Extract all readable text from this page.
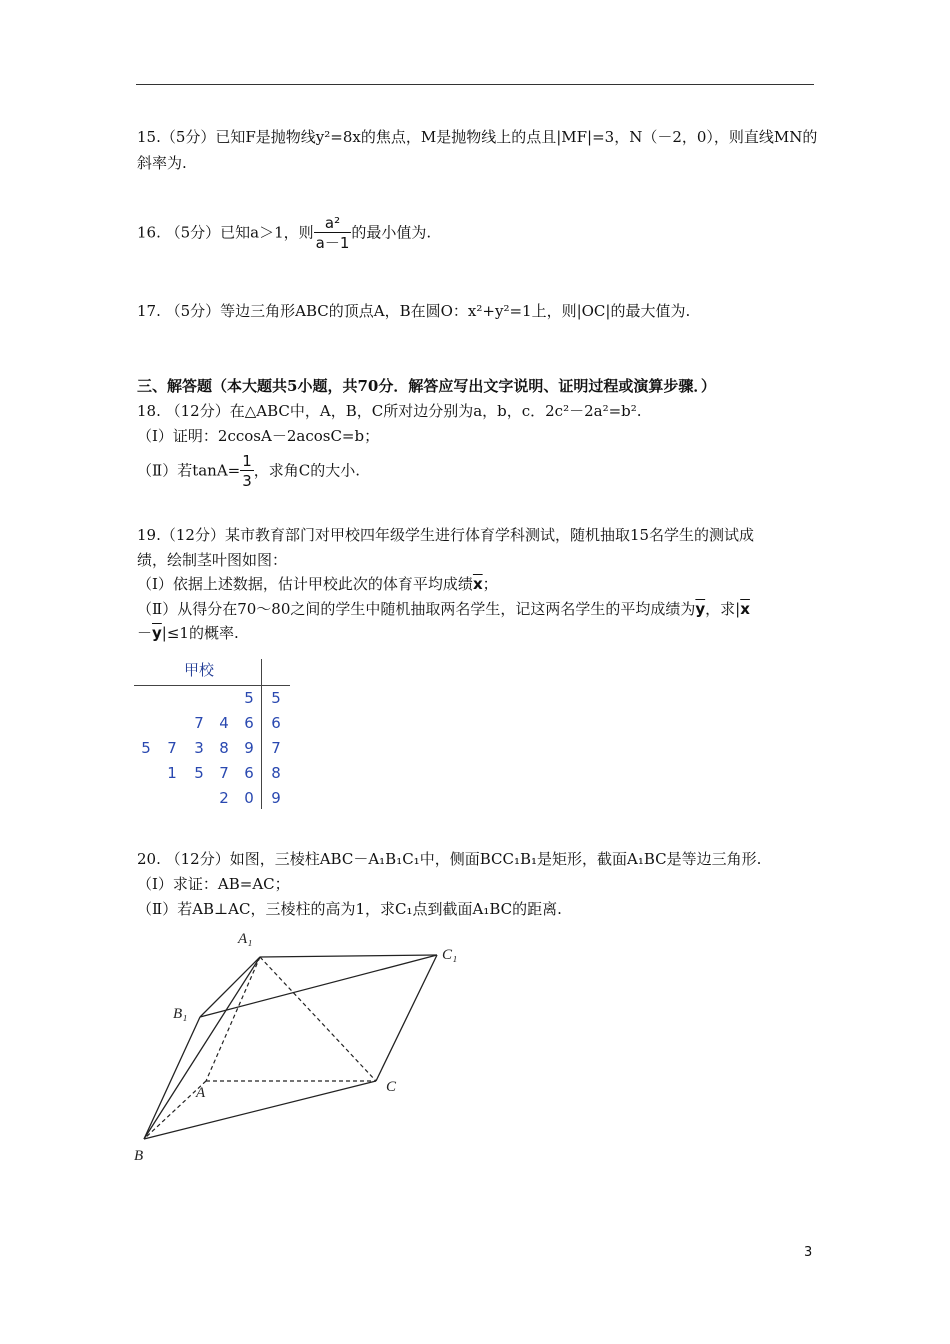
15.（5分）已知F是抛物线y²=8x的焦点，M是抛物线上的点且|MF|=3，N（－2，0），则直线MN的
斜率为.
16. （5分）已知a＞1，则 $\frac{\text{a²}}{a-1}$ 的最小值为.
17. （5分）等边三角形ABC的顶点A，B在圆O：x²+y²=1上，则|OC|的最大值为.
三、解答题（本大题共5小题，共70分．解答应写出文字说明、证明过程或演算步骤．）
18. （12分）在△ABC中，A，B，C所对边分别为a，b，c．2c²－2a²=b².
（Ⅰ）证明：2ccosA－2acosC=b；
（Ⅱ）若$\tan A= \frac{1}{3}$ ，求角C的大小.
19.（12分）某市教育部门对甲校四年级学生进行体育学科测试，随机抽取15名学生的测试成
绩，绘制茎叶图如图：
（Ⅰ）依据上述数据，估计甲校此次的体育平均成绩$\overline{x}$；
（Ⅱ）从得分在70～80之间的学生中随机抽取两名学生，记这两名学生的平均成绩为$\overline{y}$，求$|\overline{x}$
$-\overline{y}|\le 1$的概率.
甲校
5 5
7 4 6 6
5 7 3 8 9 7
1 5 7 6 8
2 0 9
20. （12分）如图，三棱柱ABC－A₁B₁C₁中，侧面BCC₁B₁是矩形，截面A₁BC是等边三角形.
（Ⅰ）求证：AB=AC；
（Ⅱ）若AB⊥AC，三棱柱的高为1，求C₁点到截面A₁BC的距离.
A₁
C₁
B₁
A	C
B
3
